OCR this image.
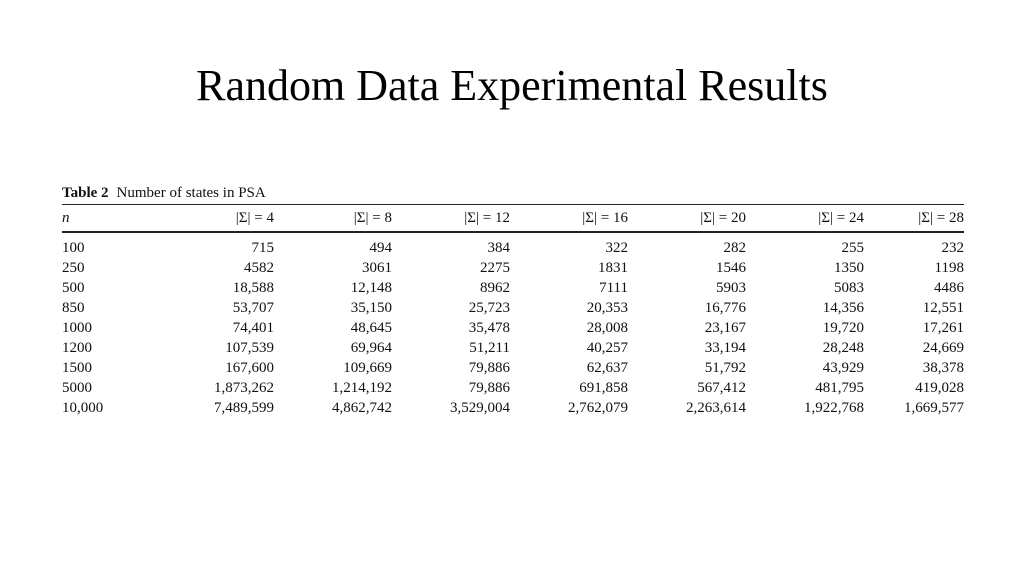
Random Data Experimental Results
Table 2 Number of states in PSA
n	|Σ| = 4	|Σ| = 8	|Σ| = 12	|Σ| = 16	|Σ| = 20	|Σ| = 24	|Σ| = 28
100	715	494	384	322	282	255	232
250	4582	3061	2275	1831	1546	1350	1198
500	18,588	12,148	8962	7111	5903	5083	4486
850	53,707	35,150	25,723	20,353	16,776	14,356	12,551
1000	74,401	48,645	35,478	28,008	23,167	19,720	17,261
1200	107,539	69,964	51,211	40,257	33,194	28,248	24,669
1500	167,600	109,669	79,886	62,637	51,792	43,929	38,378
5000	1,873,262	1,214,192	79,886	691,858	567,412	481,795	419,028
10,000	7,489,599	4,862,742	3,529,004	2,762,079	2,263,614	1,922,768	1,669,577
